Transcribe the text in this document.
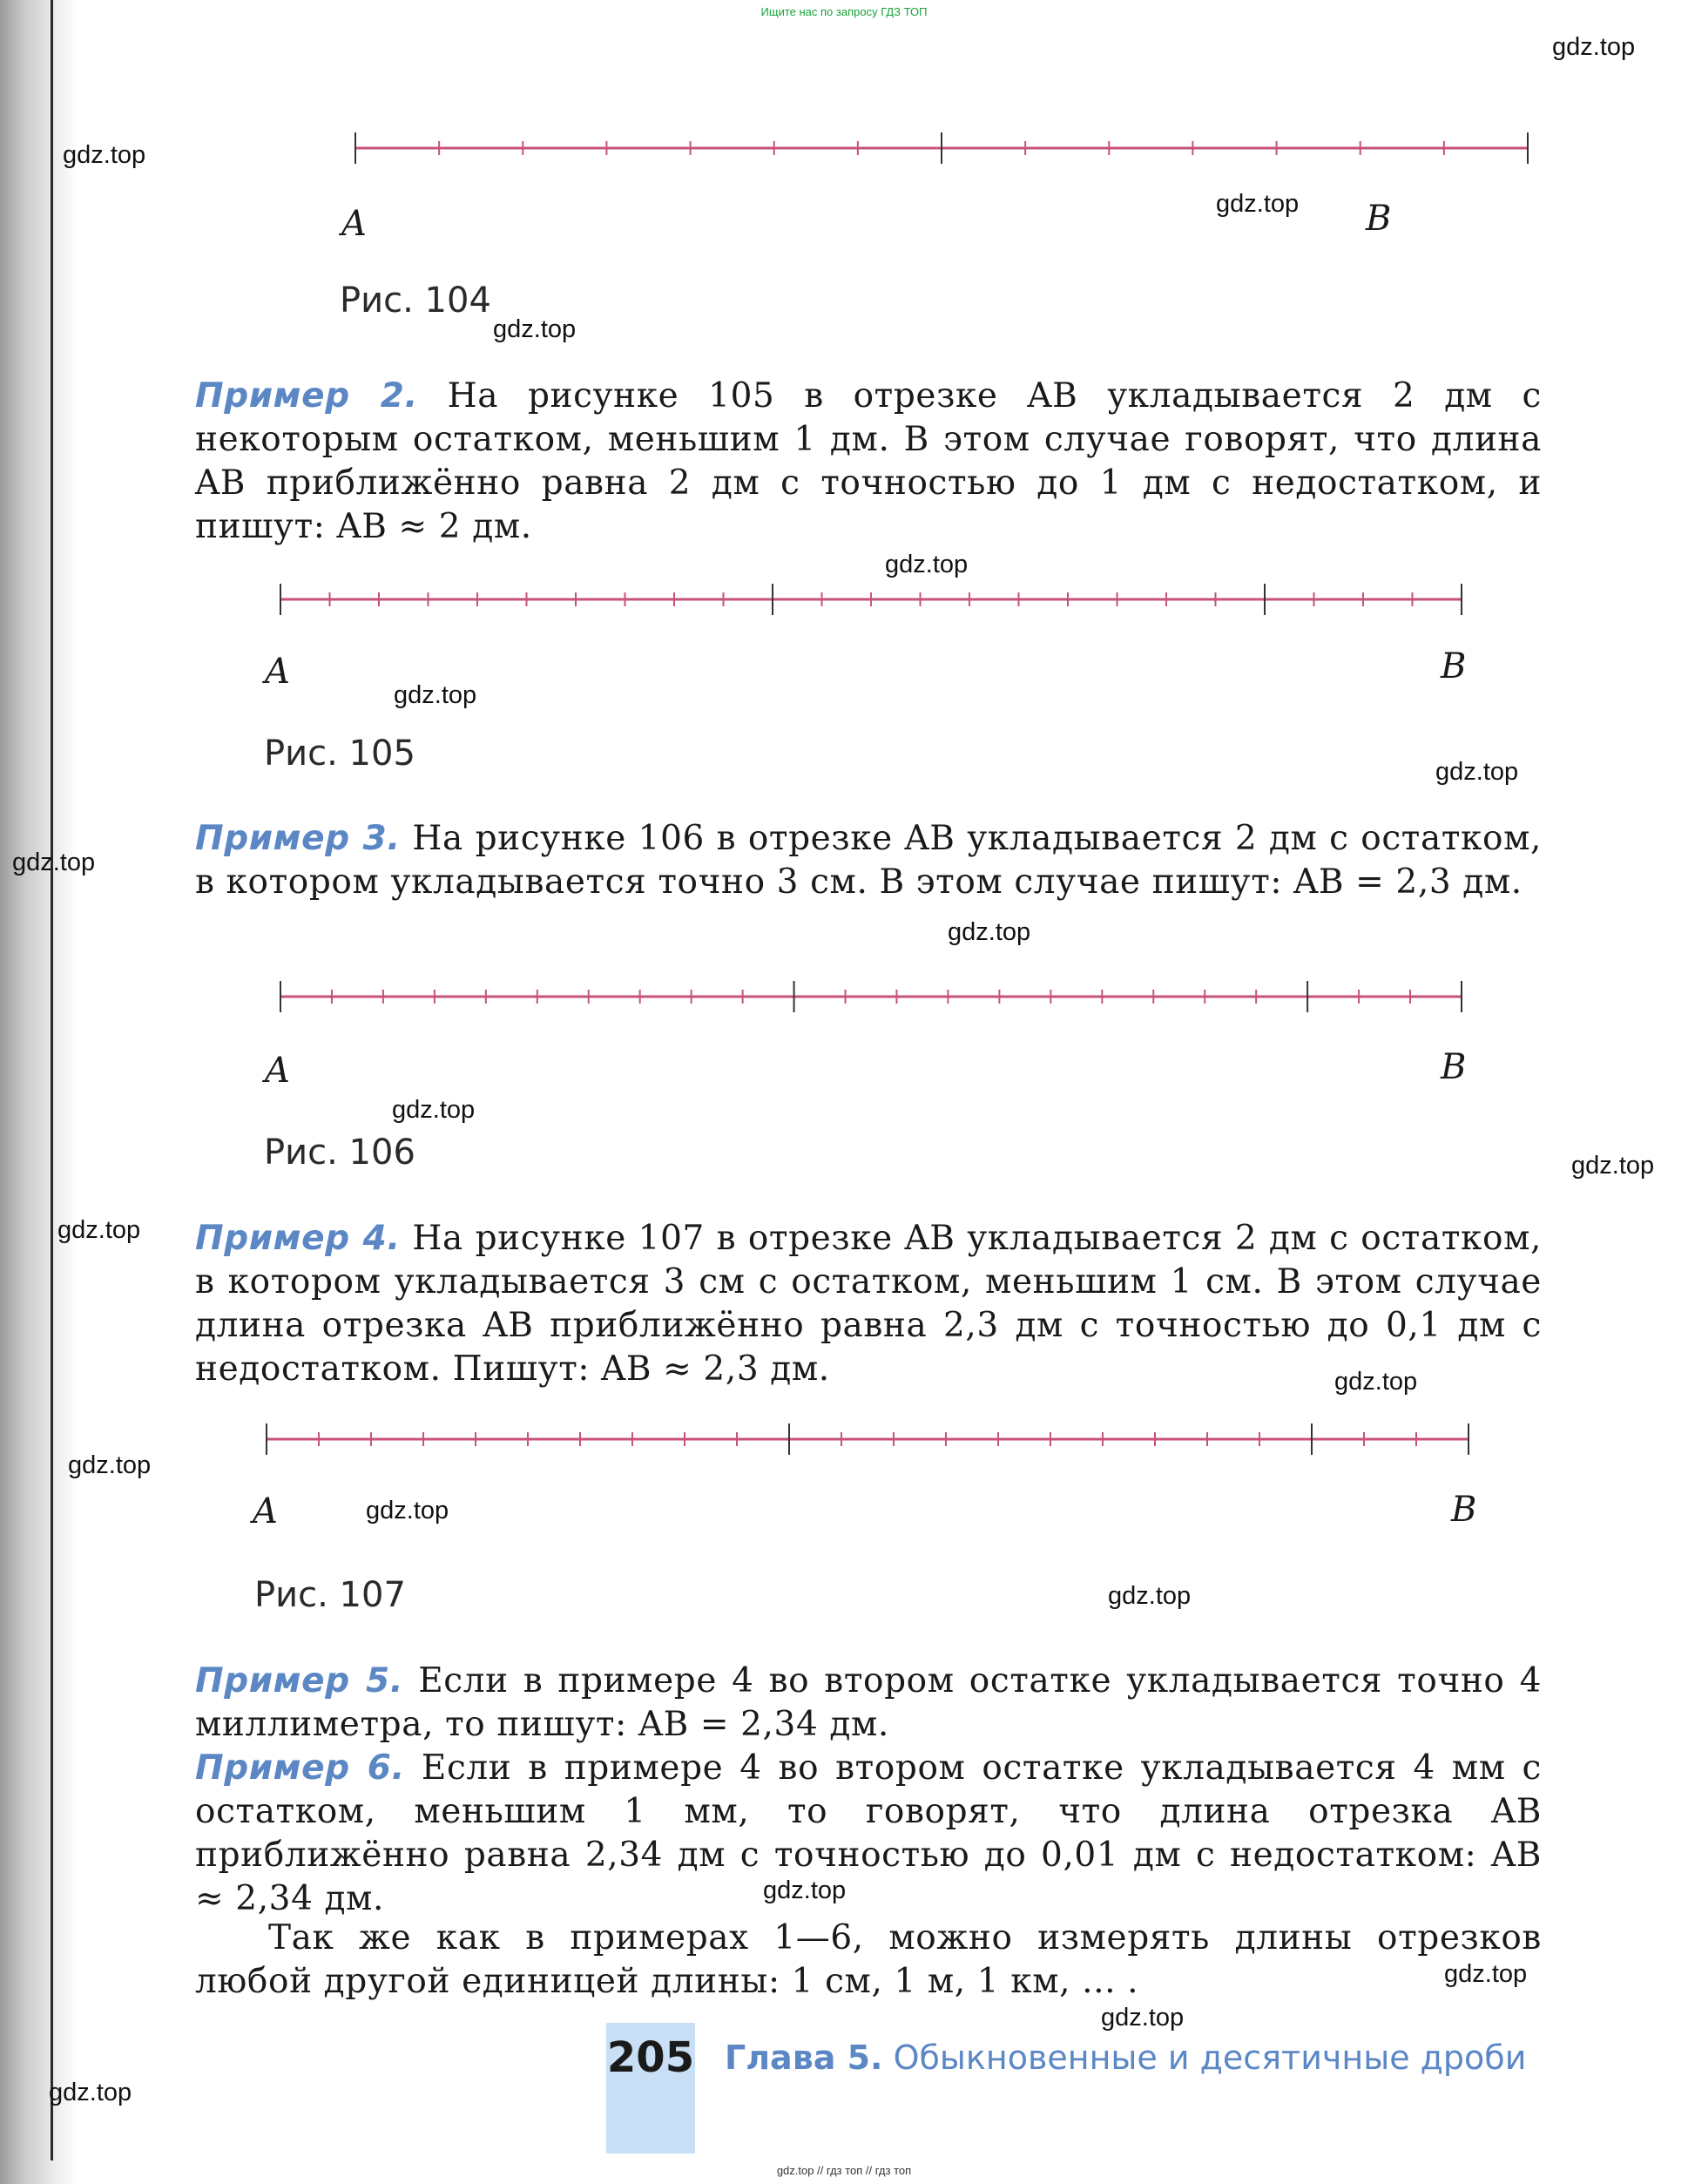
Ищите нас по запросу ГДЗ ТОП
A	B
Рис. 104

Пример 2. На рисунке 105 в отрезке AB укладывается 2 дм с некоторым остатком, меньшим 1 дм. В этом случае говорят, что длина AB приближённо равна 2 дм с точностью до 1 дм с недостатком, и пишут: AB ≈ 2 дм.

A	B
Рис. 105

Пример 3. На рисунке 106 в отрезке AB укладывается 2 дм с остатком, в котором укладывается точно 3 см. В этом случае пишут: AB = 2,3 дм.

A	B
Рис. 106

Пример 4. На рисунке 107 в отрезке AB укладывается 2 дм с остатком, в котором укладывается 3 см с остатком, меньшим 1 см. В этом случае длина отрезка AB приближённо равна 2,3 дм с точностью до 0,1 дм с недостатком. Пишут: AB ≈ 2,3 дм.

A	B
Рис. 107

Пример 5. Если в примере 4 во втором остатке укладывается точно 4 миллиметра, то пишут: AB = 2,34 дм.

Пример 6. Если в примере 4 во втором остатке укладывается 4 мм с остатком, меньшим 1 мм, то говорят, что длина отрезка AB приближённо равна 2,34 дм с точностью до 0,01 дм с недостатком: AB ≈ 2,34 дм.

Так же как в примерах 1—6, можно измерять длины отрезков любой другой единицей длины: 1 см, 1 м, 1 км, ... .

205 Глава 5. Обыкновенные и десятичные дроби
gdz.top
gdz.top
gdz.top
gdz.top
gdz.top
gdz.top
gdz.top
gdz.top
gdz.top
gdz.top
gdz.top
gdz.top
gdz.top
gdz.top
gdz.top
gdz.top
gdz.top
gdz.top
gdz.top
gdz.top
gdz.top // гдз топ // гдз топ
